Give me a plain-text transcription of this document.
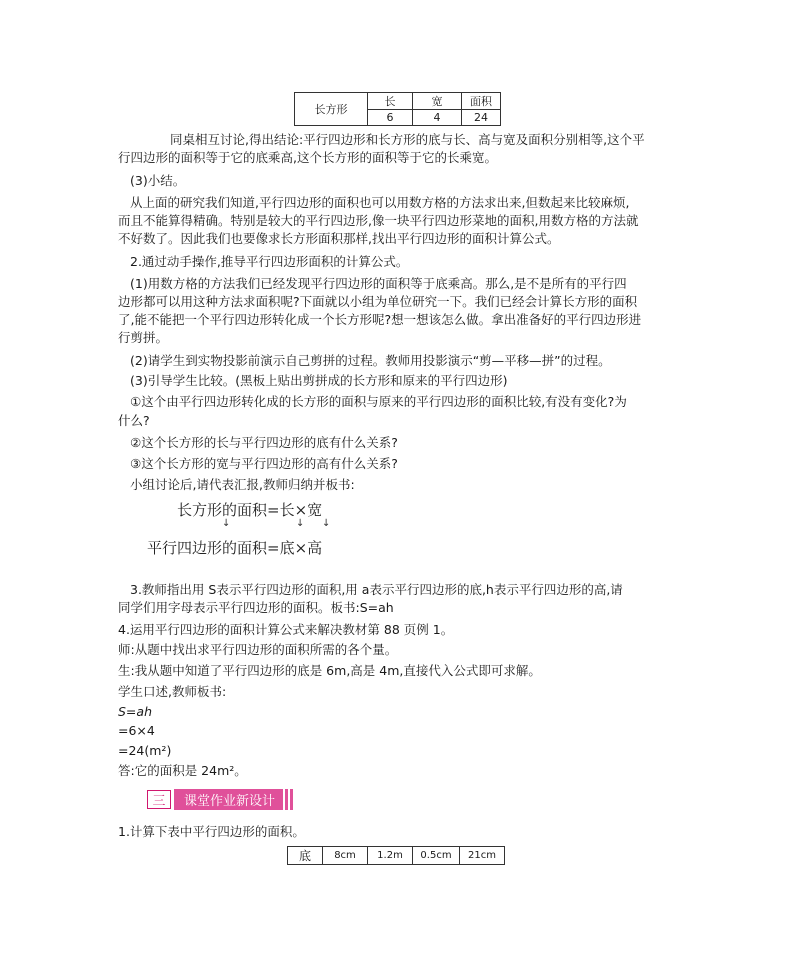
长方形	长	宽	面积
	6	4	24
同桌相互讨论,得出结论:平行四边形和长方形的底与长、高与宽及面积分别相等,这个平
行四边形的面积等于它的底乘高,这个长方形的面积等于它的长乘宽。
(3)小结。
从上面的研究我们知道,平行四边形的面积也可以用数方格的方法求出来,但数起来比较麻烦,
而且不能算得精确。特别是较大的平行四边形,像一块平行四边形菜地的面积,用数方格的方法就
不好数了。因此我们也要像求长方形面积那样,找出平行四边形的面积计算公式。
2.通过动手操作,推导平行四边形面积的计算公式。
(1)用数方格的方法我们已经发现平行四边形的面积等于底乘高。那么,是不是所有的平行四
边形都可以用这种方法求面积呢?下面就以小组为单位研究一下。我们已经会计算长方形的面积
了,能不能把一个平行四边形转化成一个长方形呢?想一想该怎么做。拿出准备好的平行四边形进
行剪拼。
(2)请学生到实物投影前演示自己剪拼的过程。教师用投影演示“剪—平移—拼”的过程。
(3)引导学生比较。(黑板上贴出剪拼成的长方形和原来的平行四边形)
①这个由平行四边形转化成的长方形的面积与原来的平行四边形的面积比较,有没有变化?为
什么?
②这个长方形的长与平行四边形的底有什么关系?
③这个长方形的宽与平行四边形的高有什么关系?
小组讨论后,请代表汇报,教师归纳并板书:
长方形的面积=长×宽
↓	↓ ↓
平行四边形的面积=底×高
3.教师指出用 S表示平行四边形的面积,用 a表示平行四边形的底,h表示平行四边形的高,请
同学们用字母表示平行四边形的面积。板书:S=ah
4.运用平行四边形的面积计算公式来解决教材第 88 页例 1。
师:从题中找出求平行四边形的面积所需的各个量。
生:我从题中知道了平行四边形的底是 6m,高是 4m,直接代入公式即可求解。
学生口述,教师板书:
S=ah
=6×4
=24(m²)
答:它的面积是 24m²。
三	课堂作业新设计
1.计算下表中平行四边形的面积。
底	8cm	1.2m	0.5cm	21cm
